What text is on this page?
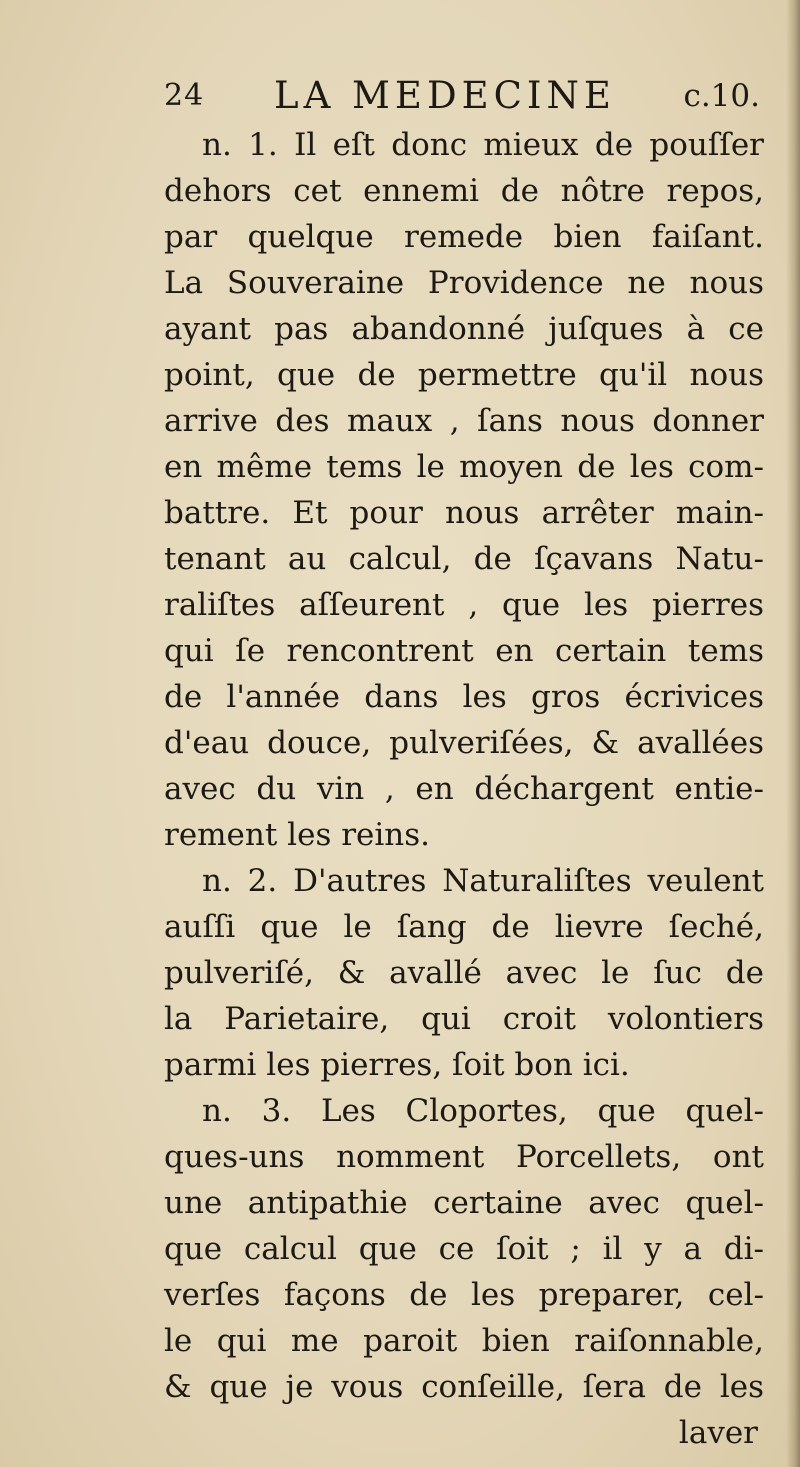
24 LA MEDECINE c.10.
n. 1. Il eſt donc mieux de pouſſer
dehors cet ennemi de nôtre repos,
par quelque remede bien faiſant.
La Souveraine Providence ne nous
ayant pas abandonné juſques à ce
point, que de permettre qu'il nous
arrive des maux , ſans nous donner
en même tems le moyen de les com-
battre. Et pour nous arrêter main-
tenant au calcul, de ſçavans Natu-
raliſtes aſſeurent , que les pierres
qui ſe rencontrent en certain tems
de l'année dans les gros écrivices
d'eau douce, pulveriſées, & avallées
avec du vin , en déchargent entie-
rement les reins.
n. 2. D'autres Naturaliſtes veulent
auſſi que le ſang de lievre ſeché,
pulveriſé, & avallé avec le ſuc de
la Parietaire, qui croit volontiers
parmi les pierres, ſoit bon ici.
n. 3. Les Cloportes, que quel-
ques-uns nomment Porcellets, ont
une antipathie certaine avec quel-
que calcul que ce ſoit ; il y a di-
verſes façons de les preparer, cel-
le qui me paroit bien raiſonnable,
& que je vous conſeille, ſera de les
laver
